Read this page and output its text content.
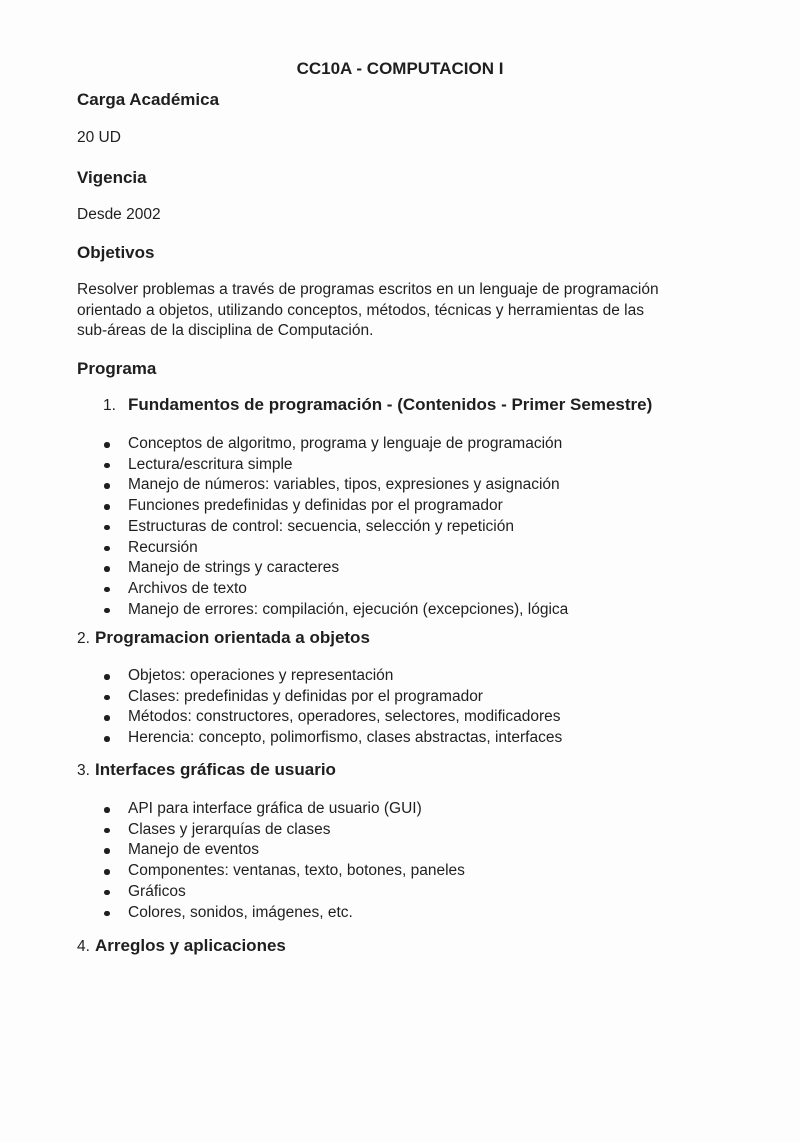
CC10A - COMPUTACION I
Carga Académica
20 UD
Vigencia
Desde 2002
Objetivos
Resolver problemas a través de programas escritos en un lenguaje de programación
orientado a objetos, utilizando conceptos, métodos, técnicas y herramientas de las
sub-áreas de la disciplina de Computación.
Programa
1. Fundamentos de programación - (Contenidos - Primer Semestre)
Conceptos de algoritmo, programa y lenguaje de programación
Lectura/escritura simple
Manejo de números: variables, tipos, expresiones y asignación
Funciones predefinidas y definidas por el programador
Estructuras de control: secuencia, selección y repetición
Recursión
Manejo de strings y caracteres
Archivos de texto
Manejo de errores: compilación, ejecución (excepciones), lógica
2. Programacion orientada a objetos
Objetos: operaciones y representación
Clases: predefinidas y definidas por el programador
Métodos: constructores, operadores, selectores, modificadores
Herencia: concepto, polimorfismo, clases abstractas, interfaces
3. Interfaces gráficas de usuario
API para interface gráfica de usuario (GUI)
Clases y jerarquías de clases
Manejo de eventos
Componentes: ventanas, texto, botones, paneles
Gráficos
Colores, sonidos, imágenes, etc.
4. Arreglos y aplicaciones
